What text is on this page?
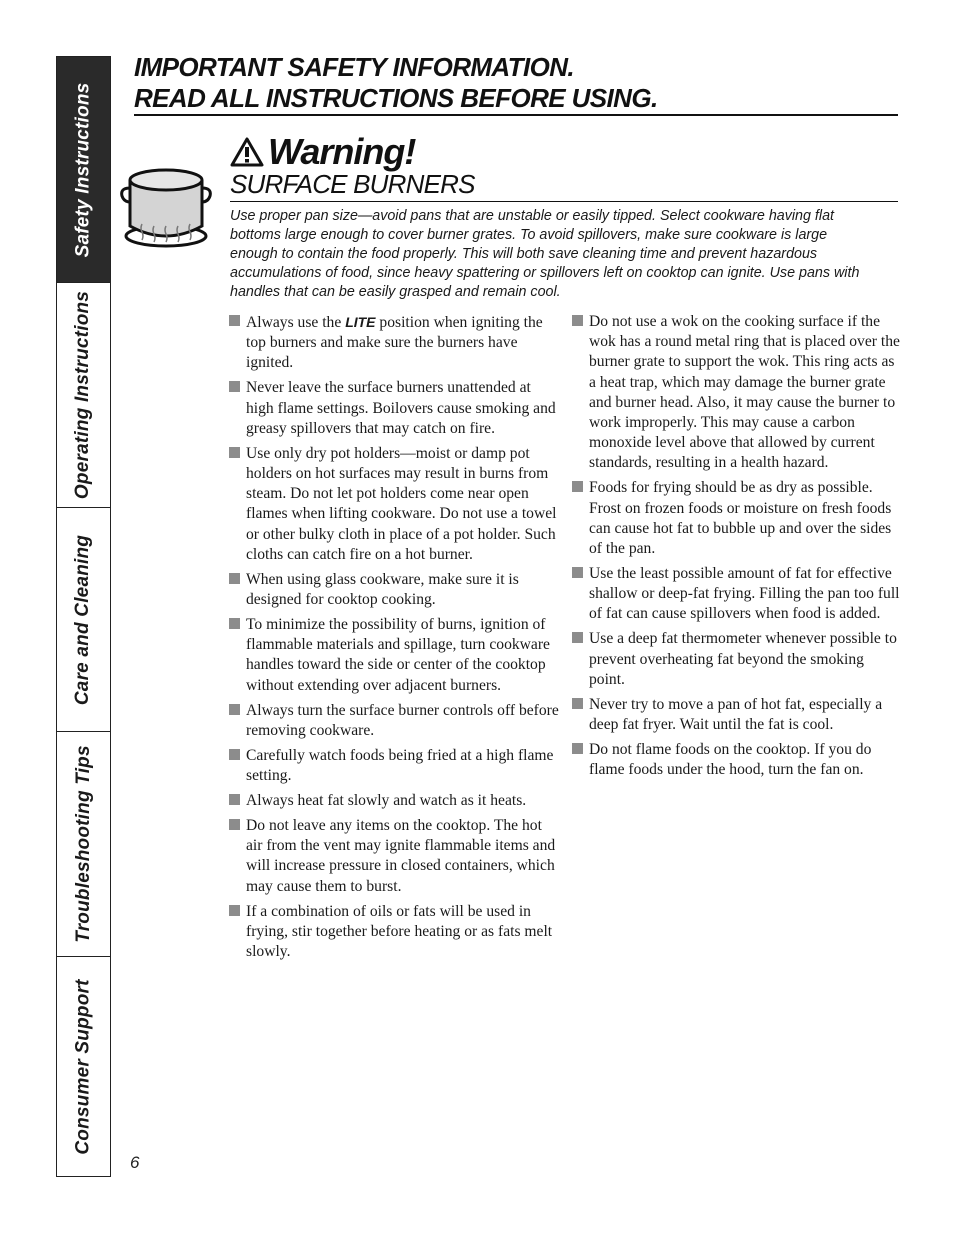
Safety Instructions
Operating Instructions
Care and Cleaning
Troubleshooting Tips
Consumer Support
IMPORTANT SAFETY INFORMATION.
READ ALL INSTRUCTIONS BEFORE USING.
Warning!
SURFACE BURNERS
Use proper pan size—avoid pans that are unstable or easily tipped. Select cookware having flat bottoms large enough to cover burner grates. To avoid spillovers, make sure cookware is large enough to contain the food properly. This will both save cleaning time and prevent hazardous accumulations of food, since heavy spattering or spillovers left on cooktop can ignite. Use pans with handles that can be easily grasped and remain cool.
Always use the LITE position when igniting the top burners and make sure the burners have ignited.
Never leave the surface burners unattended at high flame settings. Boilovers cause smoking and greasy spillovers that may catch on fire.
Use only dry pot holders—moist or damp pot holders on hot surfaces may result in burns from steam. Do not let pot holders come near open flames when lifting cookware. Do not use a towel or other bulky cloth in place of a pot holder. Such cloths can catch fire on a hot burner.
When using glass cookware, make sure it is designed for cooktop cooking.
To minimize the possibility of burns, ignition of flammable materials and spillage, turn cookware handles toward the side or center of the cooktop without extending over adjacent burners.
Always turn the surface burner controls off before removing cookware.
Carefully watch foods being fried at a high flame setting.
Always heat fat slowly and watch as it heats.
Do not leave any items on the cooktop. The hot air from the vent may ignite flammable items and will increase pressure in closed containers, which may cause them to burst.
If a combination of oils or fats will be used in frying, stir together before heating or as fats melt slowly.
Do not use a wok on the cooking surface if the wok has a round metal ring that is placed over the burner grate to support the wok. This ring acts as a heat trap, which may damage the burner grate and burner head. Also, it may cause the burner to work improperly. This may cause a carbon monoxide level above that allowed by current standards, resulting in a health hazard.
Foods for frying should be as dry as possible. Frost on frozen foods or moisture on fresh foods can cause hot fat to bubble up and over the sides of the pan.
Use the least possible amount of fat for effective shallow or deep-fat frying. Filling the pan too full of fat can cause spillovers when food is added.
Use a deep fat thermometer whenever possible to prevent overheating fat beyond the smoking point.
Never try to move a pan of hot fat, especially a deep fat fryer. Wait until the fat is cool.
Do not flame foods on the cooktop. If you do flame foods under the hood, turn the fan on.
6
